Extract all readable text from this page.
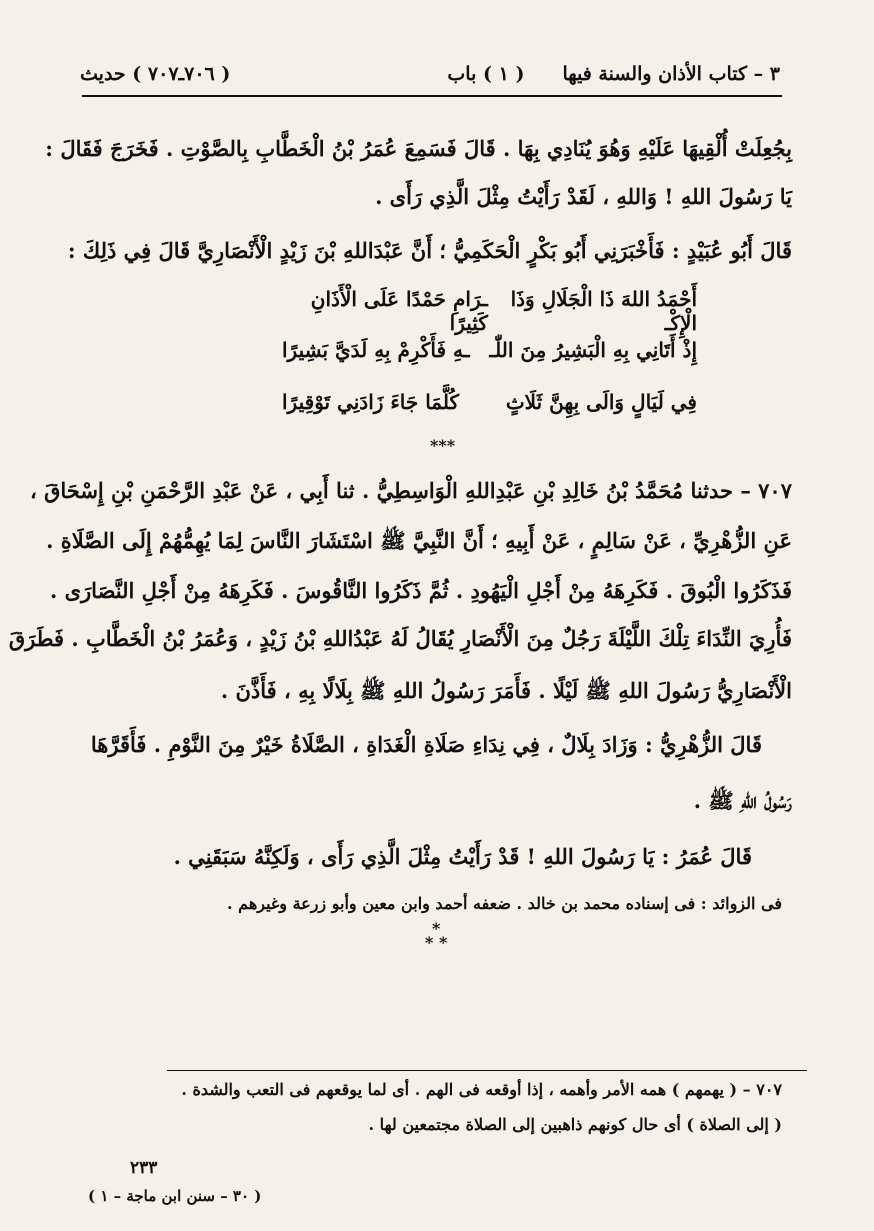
٣ – كتاب الأذان والسنة فيها
( ١ ) باب
( ٧٠٦ـ٧٠٧ ) حديث
بِجُعِلَتْ أُلْقِيهَا عَلَيْهِ وَهُوَ يُنَادِي بِهَا . قَالَ فَسَمِعَ عُمَرُ بْنُ الْخَطَّابِ بِالصَّوْتِ . فَخَرَجَ فَقَالَ :
يَا رَسُولَ اللهِ ! وَاللهِ ، لَقَدْ رَأَيْتُ مِثْلَ الَّذِي رَأَى .
قَالَ أَبُو عُبَيْدٍ : فَأَخْبَرَنِي أَبُو بَكْرٍ الْحَكَمِيُّ ؛ أَنَّ عَبْدَاللهِ بْنَ زَيْدٍ الْأَنْصَارِيَّ قَالَ فِي ذَلِكَ :
أَحْمَدُ اللهَ ذَا الْجَلَالِ وَذَا الْإِكْـ
ـرَامِ حَمْدًا عَلَى الْأَذَانِ كَثِيرًا
إِذْ أَتَانِي بِهِ الْبَشِيرُ مِنَ اللّٰـ
ـهِ فَأَكْرِمْ بِهِ لَدَيَّ بَشِيرًا
فِي لَيَالٍ وَالَى بِهِنَّ ثَلَاثٍ
كُلَّمَا جَاءَ زَادَنِي تَوْقِيرًا
***
٧٠٧ – حدثنا مُحَمَّدُ بْنُ خَالِدِ بْنِ عَبْدِاللهِ الْوَاسِطِيُّ . ثنا أَبِي ، عَنْ عَبْدِ الرَّحْمَنِ بْنِ إِسْحَاقَ ،
عَنِ الزُّهْرِيِّ ، عَنْ سَالِمٍ ، عَنْ أَبِيهِ ؛ أَنَّ النَّبِيَّ ﷺ اسْتَشَارَ النَّاسَ لِمَا يُهِمُّهُمْ إِلَى الصَّلَاةِ .
فَذَكَرُوا الْبُوقَ . فَكَرِهَهُ مِنْ أَجْلِ الْيَهُودِ . ثُمَّ ذَكَرُوا النَّاقُوسَ . فَكَرِهَهُ مِنْ أَجْلِ النَّصَارَى .
فَأُرِيَ النِّدَاءَ تِلْكَ اللَّيْلَةَ رَجُلٌ مِنَ الْأَنْصَارِ يُقَالُ لَهُ عَبْدُاللهِ بْنُ زَيْدٍ ، وَعُمَرُ بْنُ الْخَطَّابِ . فَطَرَقَ
الْأَنْصَارِيُّ رَسُولَ اللهِ ﷺ لَيْلًا . فَأَمَرَ رَسُولُ اللهِ ﷺ بِلَالًا بِهِ ، فَأَذَّنَ .
قَالَ الزُّهْرِيُّ : وَزَادَ بِلَالٌ ، فِي نِدَاءِ صَلَاةِ الْغَدَاةِ ، الصَّلَاةُ خَيْرٌ مِنَ النَّوْمِ . فَأَقَرَّهَا
رَسُولُ اللهِ ﷺ .
قَالَ عُمَرُ : يَا رَسُولَ اللهِ ! قَدْ رَأَيْتُ مِثْلَ الَّذِي رَأَى ، وَلَكِنَّهُ سَبَقَنِي .
فى الزوائد : فى إسناده محمد بن خالد . ضعفه أحمد وابن معين وأبو زرعة وغيرهم .
*
* *
٧٠٧ – ( يهمهم ) همه الأمر وأهمه ، إذا أوقعه فى الهم . أى لما يوقعهم فى التعب والشدة .
( إلى الصلاة ) أى حال كونهم ذاهبين إلى الصلاة مجتمعين لها .
٢٣٣
( ٣٠ – سنن ابن ماجة – ١ )
